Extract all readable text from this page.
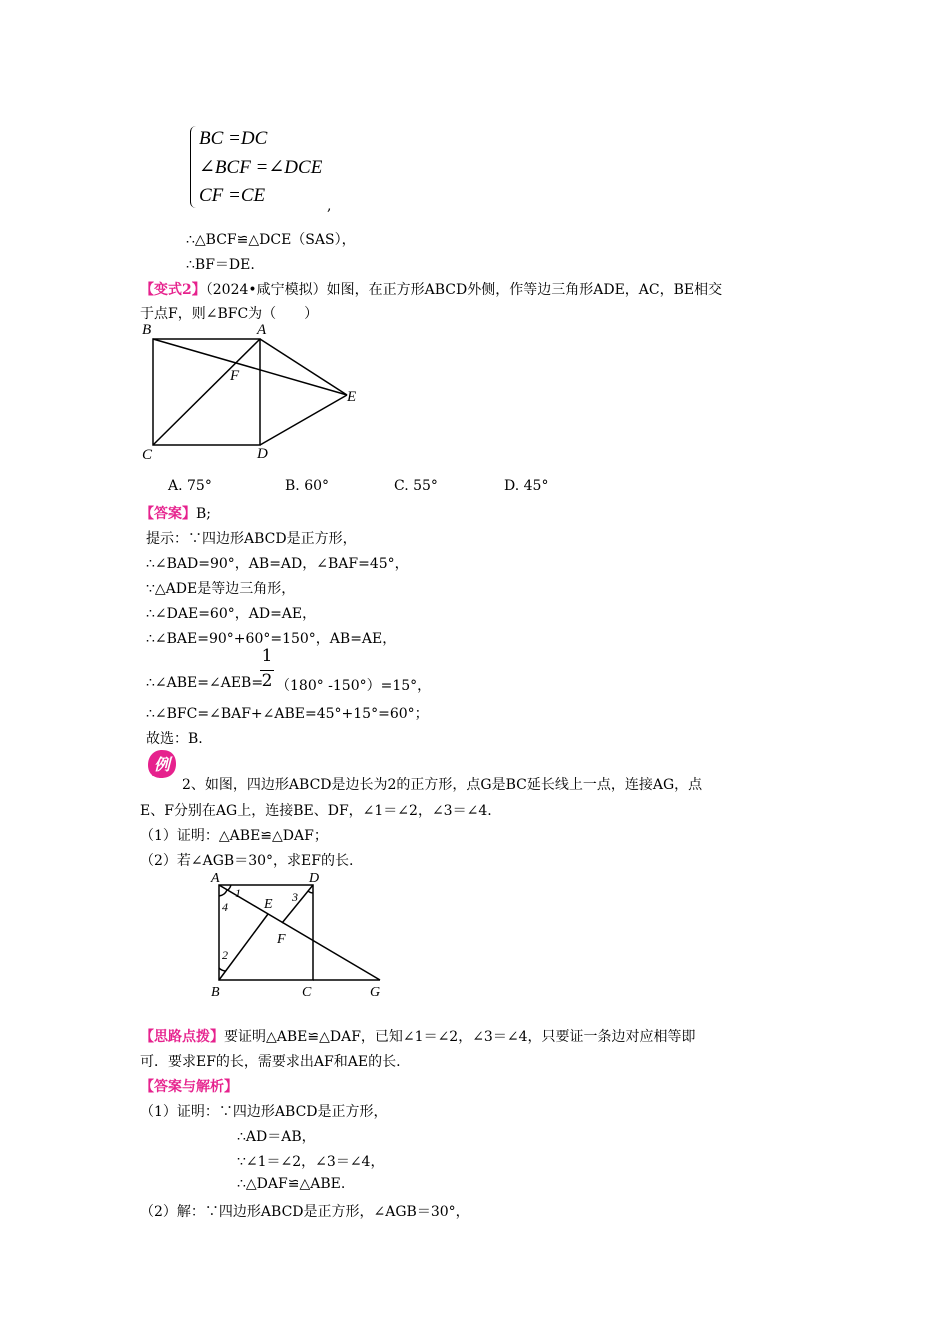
BC =DC
∠BCF =∠DCE
CF =CE	,
∴△BCF≌△DCE（SAS），
∴BF＝DE.
【变式2】（2024•咸宁模拟）如图，在正方形ABCD外侧，作等边三角形ADE，AC，BE相交
于点F，则∠BFC为（　　）
B	A
F
E
C	D
A. 75°	B. 60°	C. 55°	D. 45°
【答案】B;
提示：∵四边形ABCD是正方形，
∴∠BAD=90°，AB=AD，∠BAF=45°，
∵△ADE是等边三角形，
∴∠DAE=60°，AD=AE，
∴∠BAE=90°+60°=150°，AB=AE，
1
2
∴∠ABE=∠AEB= （180° -150°）=15°，
∴∠BFC=∠BAF+∠ABE=45°+15°=60°；
故选：B.
例
2、如图，四边形ABCD是边长为2的正方形，点G是BC延长线上一点，连接AG，点
E、F分别在AG上，连接BE、DF，∠1＝∠2，∠3＝∠4.
（1）证明：△ABE≌△DAF；
（2）若∠AGB＝30°，求EF的长.
A	D
E
F
B	C	G
1
4
2
3
【思路点拨】要证明△ABE≌△DAF，已知∠1＝∠2，∠3＝∠4，只要证一条边对应相等即
可．要求EF的长，需要求出AF和AE的长.
【答案与解析】
（1）证明：∵四边形ABCD是正方形，
∴AD＝AB，
∵∠1＝∠2，∠3＝∠4，
∴△DAF≌△ABE.
（2）解：∵四边形ABCD是正方形，∠AGB＝30°，
